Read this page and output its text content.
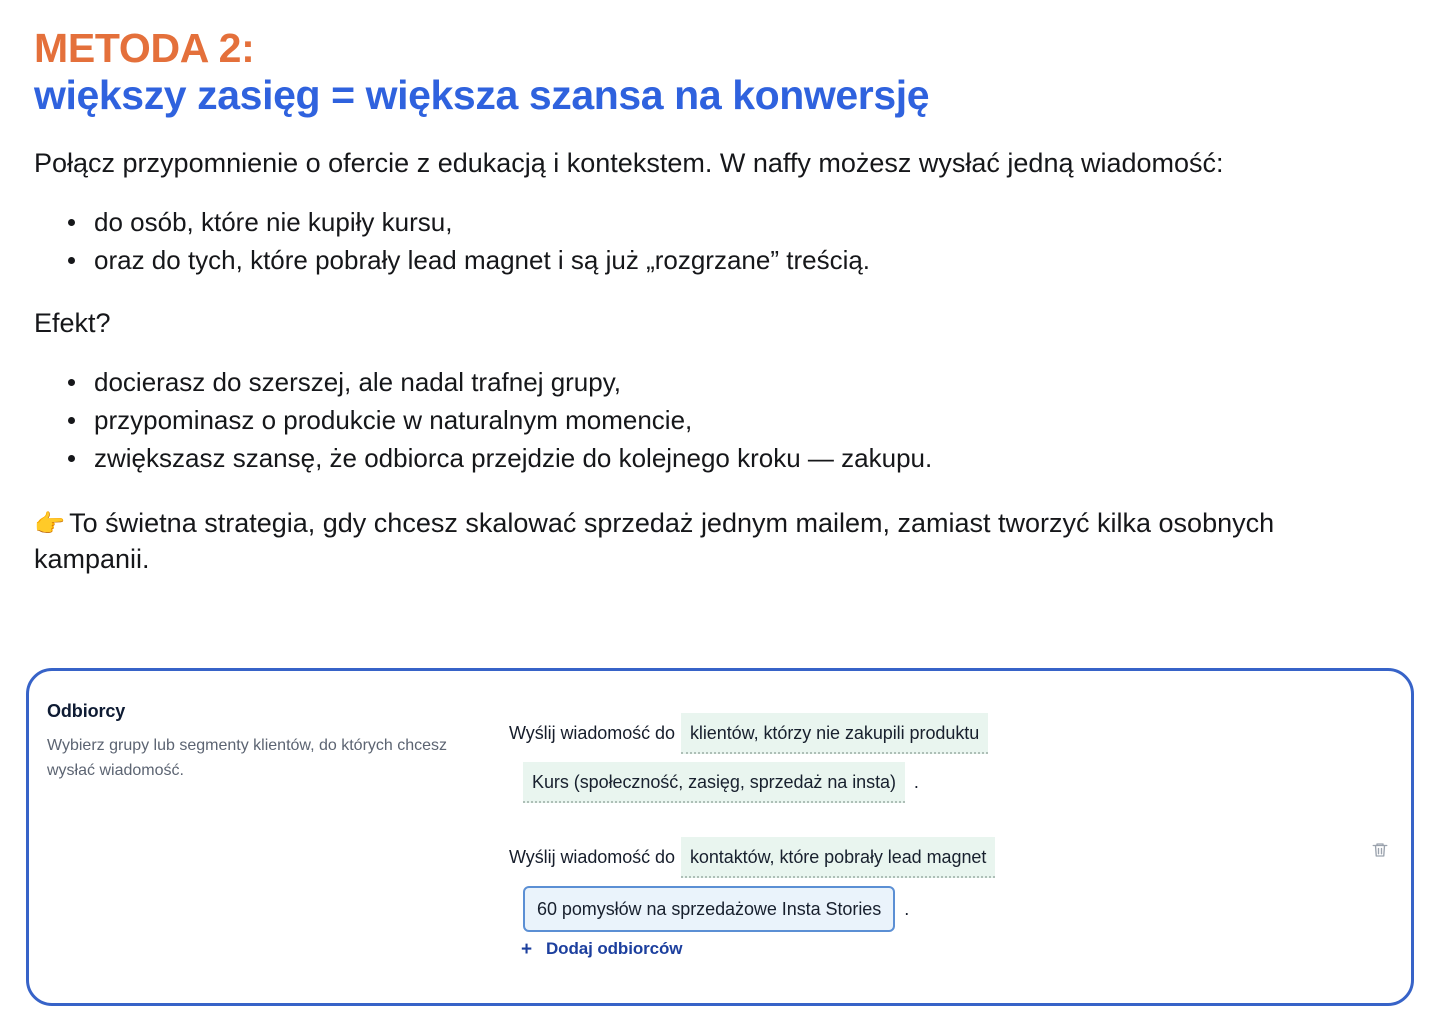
METODA 2:
większy zasięg = większa szansa na konwersję

Połącz przypomnienie o ofercie z edukacją i kontekstem. W naffy możesz wysłać jedną wiadomość:

do osób, które nie kupiły kursu,
oraz do tych, które pobrały lead magnet i są już „rozgrzane” treścią.

Efekt?

docierasz do szerszej, ale nadal trafnej grupy,
przypominasz o produkcie w naturalnym momencie,
zwiększasz szansę, że odbiorca przejdzie do kolejnego kroku — zakupu.

👉 To świetna strategia, gdy chcesz skalować sprzedaż jednym mailem, zamiast tworzyć kilka osobnych kampanii.

Odbiorcy
Wybierz grupy lub segmenty klientów, do których chcesz wysłać wiadomość.
Wyślij wiadomość do klientów, którzy nie zakupili produktu
Kurs (społeczność, zasięg, sprzedaż na insta) .
Wyślij wiadomość do kontaktów, które pobrały lead magnet
60 pomysłów na sprzedażowe Insta Stories .
+ Dodaj odbiorców
